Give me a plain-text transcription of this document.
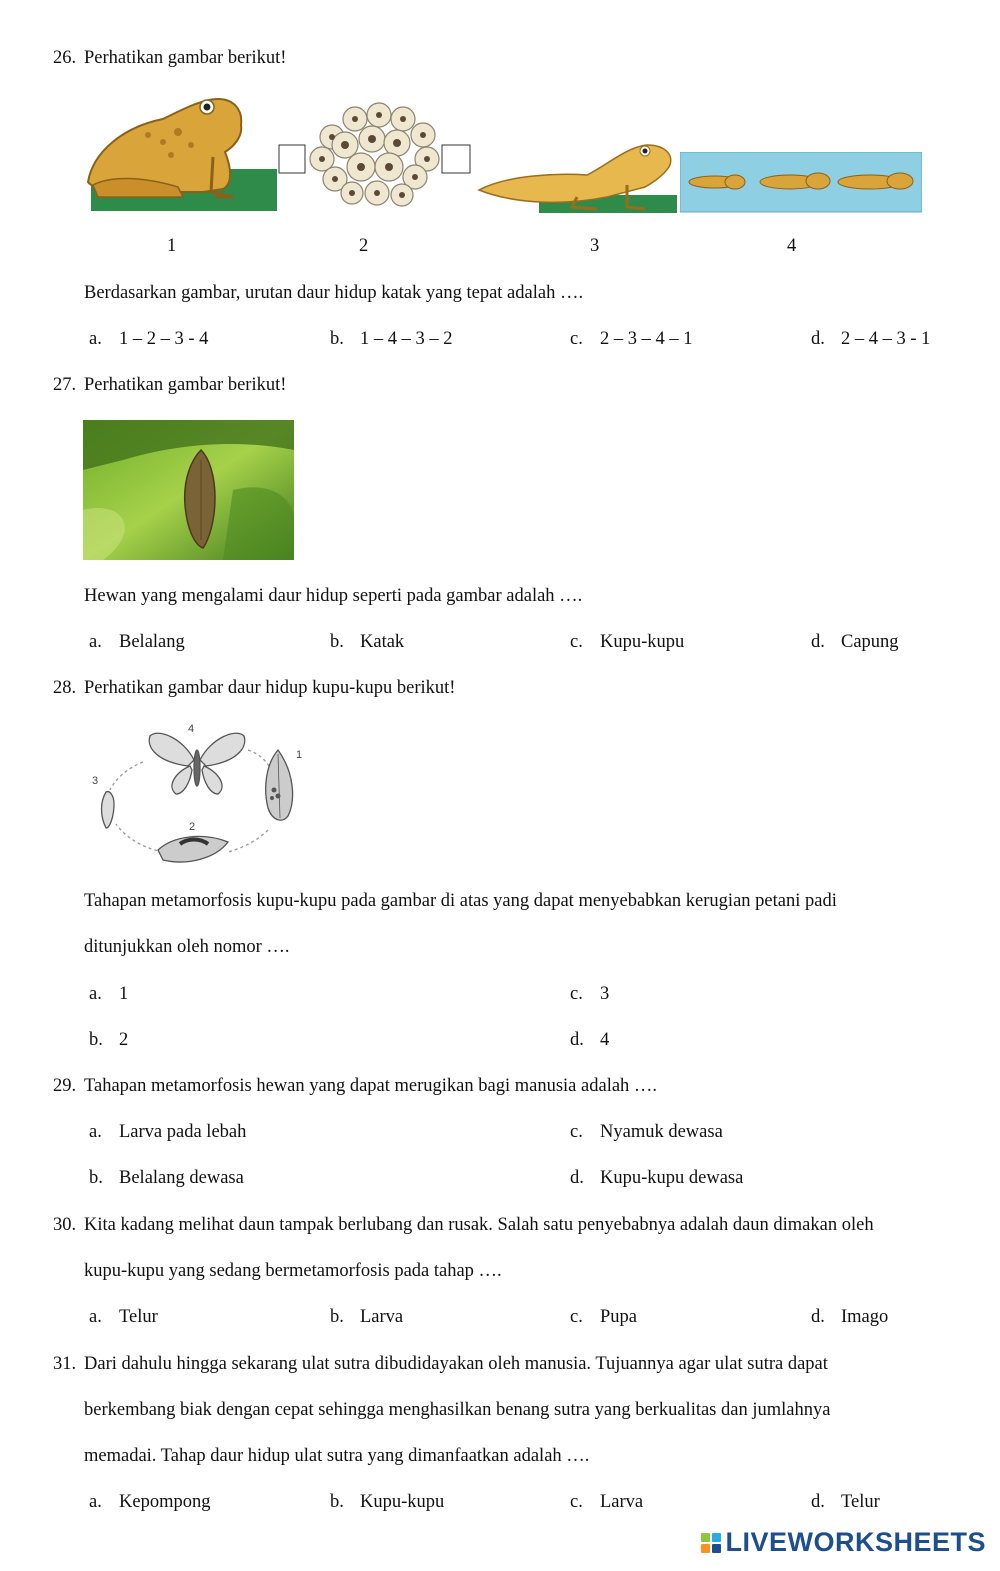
26. Perhatikan gambar berikut!
1	2	3	4
Berdasarkan gambar, urutan daur hidup katak yang tepat adalah ….
a. 1 – 2 – 3 - 4	b. 1 – 4 – 3 – 2	c. 2 – 3 – 4 – 1	d. 2 – 4 – 3 - 1
27. Perhatikan gambar berikut!
Hewan yang mengalami daur hidup seperti pada gambar adalah ….
a. Belalang	b. Katak	c. Kupu-kupu	d. Capung
28. Perhatikan gambar daur hidup kupu-kupu berikut!
1
2
3
4
Tahapan metamorfosis kupu-kupu pada gambar di atas yang dapat menyebabkan kerugian petani padi
ditunjukkan oleh nomor ….
a. 1	c. 3
b. 2	d. 4
29. Tahapan metamorfosis hewan yang dapat merugikan bagi manusia adalah ….
a. Larva pada lebah	c. Nyamuk dewasa
b. Belalang dewasa	d. Kupu-kupu dewasa
30. Kita kadang melihat daun tampak berlubang dan rusak. Salah satu penyebabnya adalah daun dimakan oleh
kupu-kupu yang sedang bermetamorfosis pada tahap ….
a. Telur	b. Larva	c. Pupa	d. Imago
31. Dari dahulu hingga sekarang ulat sutra dibudidayakan oleh manusia. Tujuannya agar ulat sutra dapat
berkembang biak dengan cepat sehingga menghasilkan benang sutra yang berkualitas dan jumlahnya
memadai. Tahap daur hidup ulat sutra yang dimanfaatkan adalah ….
a. Kepompong	b. Kupu-kupu	c. Larva	d. Telur
LIVEWORKSHEETS
